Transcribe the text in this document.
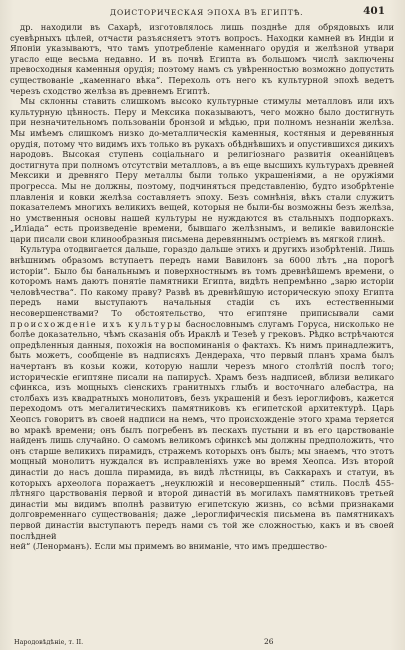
ДОИСТОРИЧЕСКАЯ ЭПОХА ВЪ ЕГИПТѢ.	401

др. находили въ Сахарѣ, изготовлялось лишь позднѣе для обрядовыхъ или суевѣрныхъ цѣлей, отчасти разъясняетъ этотъ вопросъ. Находки камней въ Индіи и Японіи указываютъ, что тамъ употребленіе каменнаго орудія и желѣзной утвари угасло еще весьма недавно. И въ почвѣ Египта въ большомъ числѣ заключены превосходныя каменныя орудія; поэтому намъ съ увѣренностью возможно допустить существованіе „каменнаго вѣка“. Перехоль отъ него къ культурной эпохѣ ведетъ черезъ сходство желѣза въ древнемъ Египтѣ.

Мы склонны ставить слишкомъ высоко культурные стимулы металловъ или ихъ культурную цѣнность. Перу и Мексика показываютъ, чего можно было достигнуть при незначительномъ пользованіи бронзой и мѣдью, при полномъ незнаніи желѣза. Мы имѣемъ слишкомъ низко до-металлическія каменныя, костяныя и деревянныя орудія, потому что видимъ ихъ только въ рукахъ обѣднѣвшихъ и опустившихся дикихъ народовъ. Высокая ступень соціальнаго и религіознаго развитія океанійцевъ достигнута при полномъ отсутствіи металловъ, а въ еще высшихъ культурахъ древней Мексики и древняго Перу металлы были только украшеніями, а не оружіями прогресса. Мы не должны, поэтому, подчиняться представленію, будто изобрѣтеніе плавленія и ковки желѣза составляетъ эпоху. Безъ сомнѣнія, вѣкъ стали служитъ показателемъ многихъ великихъ вещей, которыя не были-бы возможны безъ желѣза, но умственныя основы нашей культуры не нуждаются въ стальныхъ подпоркахъ. „Иліада“ есть произведеніе времени, бывшаго желѣзнымъ, и великіе вавилонскіе цари писали свои клинообразныя письмена деревяннымъ остріемъ въ мягкой глинѣ.

Культура отодвигается дальше, гораздо дальше этихъ и другихъ изобрѣтеній. Лишь внѣшнимъ образомъ вступаетъ передъ нами Вавилонъ за 6000 лѣтъ „на порогѣ исторіи“. Было бы банальнымъ и поверхностнымъ въ томъ древнѣйшемъ времени, о которомъ намъ даютъ понятіе памятники Египта, видѣть непремѣнно „зарю исторіи человѣчества“. По какому праву? Развѣ въ древнѣйшую историческую эпоху Египта передъ нами выступаютъ начальныя стадіи съ ихъ естественными несовершенствами? То обстоятельство, что египтяне приписывали сами происхожденіе ихъ культуры баснословнымъ слугамъ Горуса, нисколько не болѣе доказательно, чѣмъ сказанія объ Ираклѣ и Тезеѣ у грековъ. Рѣдко встрѣчаются опредѣленныя данныя, похожія на воспоминанія о фактахъ. Къ нимъ принадлежитъ, быть можетъ, сообщеніе въ надписяхъ Дендераха, что первый планъ храма былъ начертанъ въ козьи кожи, которую нашли черезъ много столѣтій послѣ того; историческіе египтяне писали на папирусѣ. Храмъ безъ надписей, вблизи великаго сфинкса, изъ мощныхъ сіенскихъ гранитныхъ глыбъ и восточнаго алебастра, на столбахъ изъ квадратныхъ монолитовъ, безъ украшеній и безъ іероглифовъ, кажется переходомъ отъ мегалитическихъ памятниковъ къ египетской архитектурѣ. Царь Хеопсъ говоритъ въ своей надписи на немъ, что происхожденіе этого храма теряется во мракѣ времени; онъ былъ погребенъ въ пескахъ пустыни и въ его царствованіе найденъ лишь случайно. О самомъ великомъ сфинксѣ мы должны предположить, что онъ старше великихъ пирамидъ, стражемъ которыхъ онъ былъ; мы знаемъ, что этотъ мощный монолитъ нуждался въ исправленіяхъ уже во время Хеопса. Изъ второй династіи до насъ дошла пирамида, въ видѣ лѣстницы, въ Саккарахъ и статуи, въ которыхъ археолога поражаетъ „неуклюжій и несовершенный“ стиль. Послѣ 455-лѣтняго царствованія первой и второй династій въ могилахъ памятниковъ третьей династіи мы видимъ вполнѣ развитую египетскую жизнь, со всѣми признаками долговременнаго существованія; даже „іероглифическія письмена въ памятникахъ первой династіи выступаютъ передъ нами съ той же сложностью, какъ и въ своей послѣдней

ней“ (Ленорманъ). Если мы примемъ во вниманіе, что имъ предшество-

Народовѣдѣніе, т. II.	26
